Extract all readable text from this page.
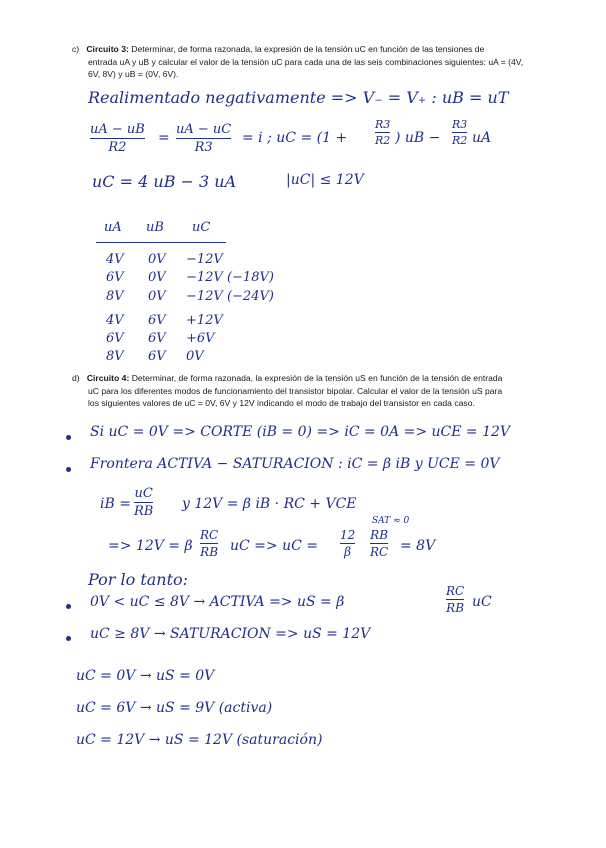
c) Circuito 3: Determinar, de forma razonada, la expresión de la tensión uC en función de las tensiones de
entrada uA y uB y calcular el valor de la tensión uC para cada una de las seis combinaciones siguientes: uA = (4V,
6V, 8V) y uB = (0V, 6V).
Realimentado negativamente => V₋ = V₊ : uB = uT
uA − uB
R2
=
uA − uC
R3
= i ; uC = (1 +
R3
R2 ) uB −
R3
R2 uA
uC = 4 uB − 3 uA	|uC| ≤ 12V
uA uB uC
4V 0V −12V
6V 0V −12V (−18V)
8V 0V −12V (−24V)
4V 6V +12V
6V 6V +6V
8V 6V 0V
d) Circuito 4: Determinar, de forma razonada, la expresión de la tensión uS en función de la tensión de entrada
uC para los diferentes modos de funcionamiento del transistor bipolar. Calcular el valor de la tensión uS para
los siguientes valores de uC = 0V, 6V y 12V indicando el modo de trabajo del transistor en cada caso.
Si uC = 0V => CORTE (iB = 0) => iC = 0A => uCE = 12V
Frontera ACTIVA − SATURACION : iC = β iB y UCE = 0V
iB =
uC
RB y 12V = β iB · RC + VCE
SAT ≈ 0
=> 12V = β
RC
RB uC => uC =
12
β
RB
RC = 8V
Por lo tanto:
0V < uC ≤ 8V → ACTIVA => uS = β
RC
RB uC
uC ≥ 8V → SATURACION => uS = 12V
uC = 0V → uS = 0V
uC = 6V → uS = 9V (activa)
uC = 12V → uS = 12V (saturación)
